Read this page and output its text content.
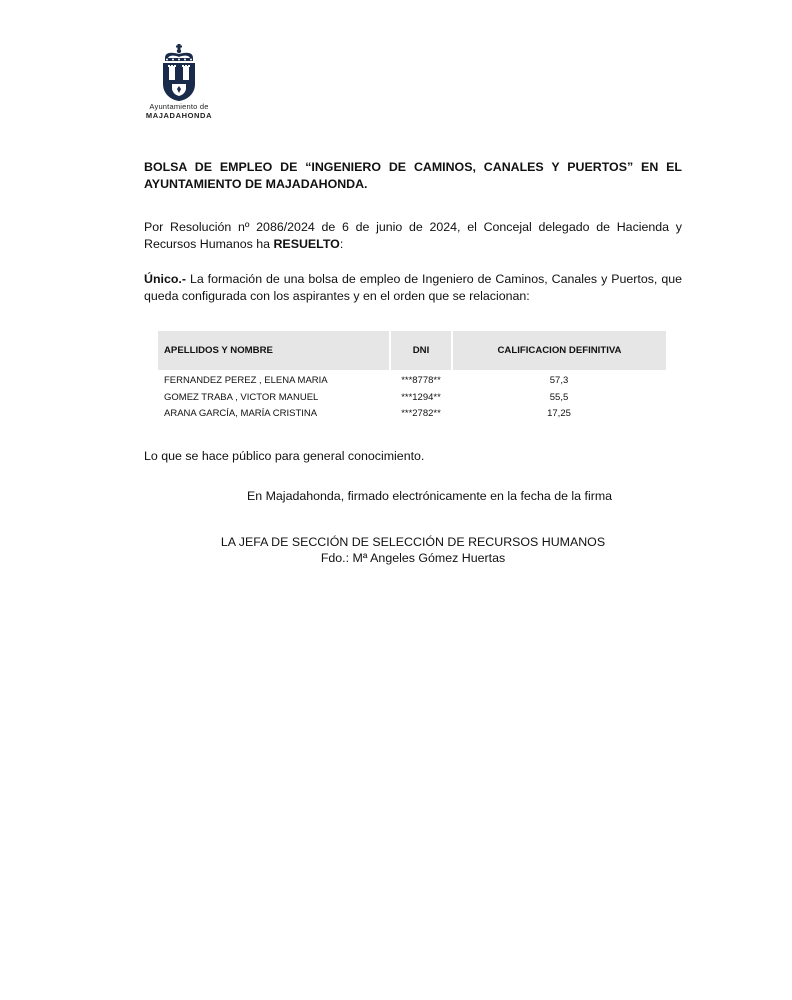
Ayuntamiento de
MAJADAHONDA
BOLSA DE EMPLEO DE “INGENIERO DE CAMINOS, CANALES Y PUERTOS” EN EL AYUNTAMIENTO DE MAJADAHONDA.
Por Resolución nº 2086/2024 de 6 de junio de 2024, el Concejal delegado de Hacienda y Recursos Humanos ha RESUELTO:
Único.- La formación de una bolsa de empleo de Ingeniero de Caminos, Canales y Puertos, que queda configurada con los aspirantes y en el orden que se relacionan:
APELLIDOS Y NOMBRE	DNI	CALIFICACION DEFINITIVA
FERNANDEZ PEREZ , ELENA MARIA	***8778**	57,3
GOMEZ TRABA , VICTOR MANUEL	***1294**	55,5
ARANA GARCÍA, MARÍA CRISTINA	***2782**	17,25
Lo que se hace público para general conocimiento.
En Majadahonda, firmado electrónicamente en la fecha de la firma
LA JEFA DE SECCIÓN DE SELECCIÓN DE RECURSOS HUMANOS
Fdo.: Mª Angeles Gómez Huertas
